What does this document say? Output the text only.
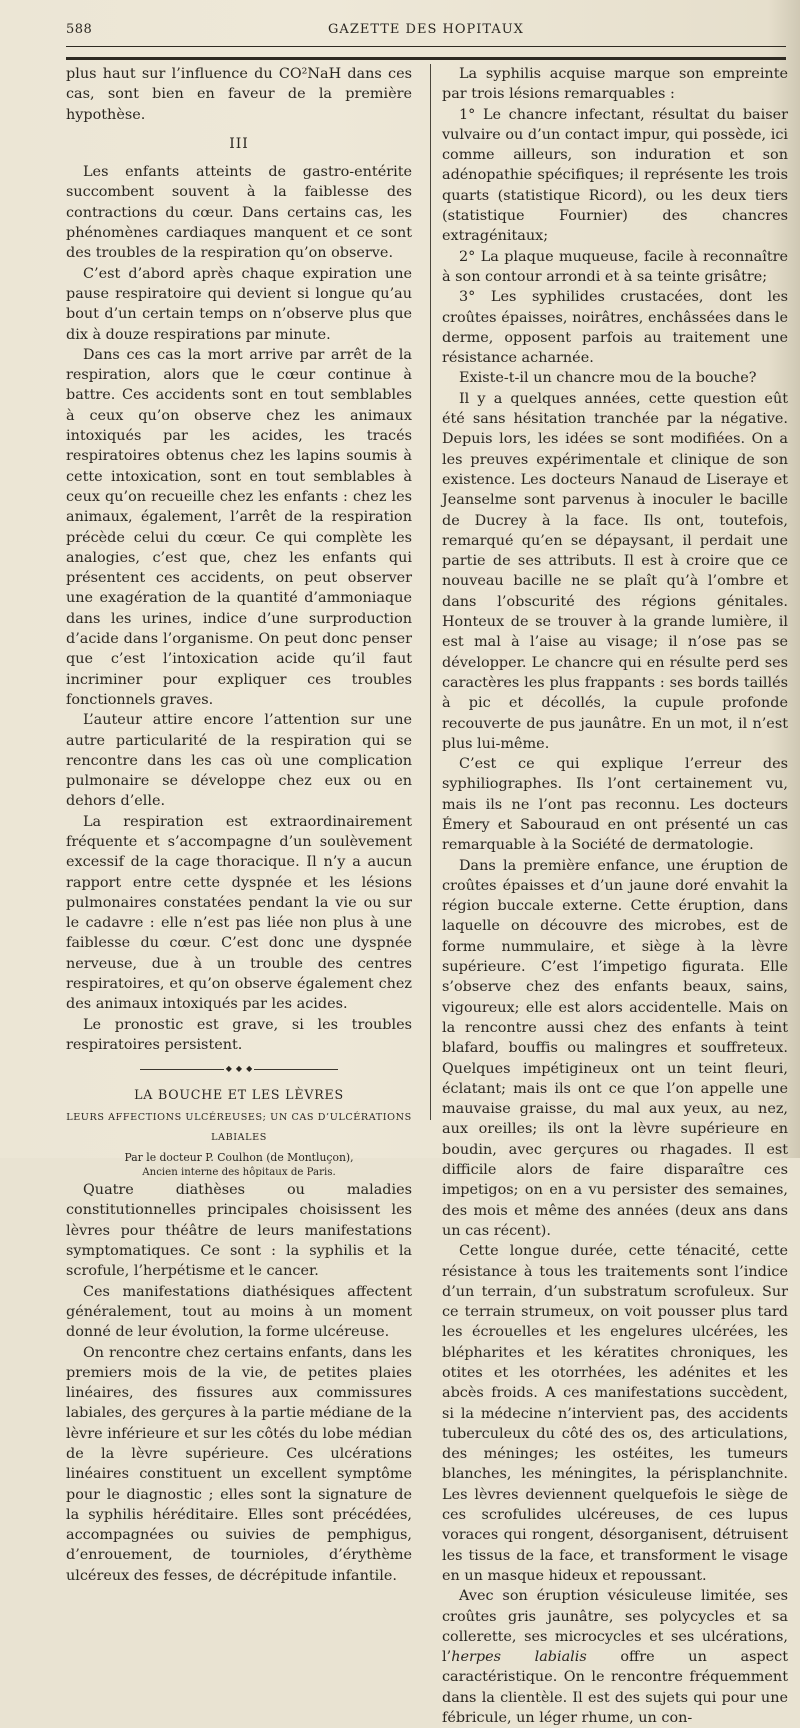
588	GAZETTE DES HOPITAUX

plus haut sur l’influence du CO²NaH dans ces cas, sont bien en faveur de la première hypothèse.

III

Les enfants atteints de gastro-entérite succombent souvent à la faiblesse des contractions du cœur. Dans certains cas, les phénomènes cardiaques manquent et ce sont des troubles de la respiration qu’on observe.

C’est d’abord après chaque expiration une pause respiratoire qui devient si longue qu’au bout d’un certain temps on n’observe plus que dix à douze respirations par minute.

Dans ces cas la mort arrive par arrêt de la respiration, alors que le cœur continue à battre. Ces accidents sont en tout semblables à ceux qu’on observe chez les animaux intoxiqués par les acides, les tracés respiratoires obtenus chez les lapins soumis à cette intoxication, sont en tout semblables à ceux qu’on recueille chez les enfants : chez les animaux, également, l’arrêt de la respiration précède celui du cœur. Ce qui complète les analogies, c’est que, chez les enfants qui présentent ces accidents, on peut observer une exagération de la quantité d’ammoniaque dans les urines, indice d’une surproduction d’acide dans l’organisme. On peut donc penser que c’est l’intoxication acide qu’il faut incriminer pour expliquer ces troubles fonctionnels graves.

L’auteur attire encore l’attention sur une autre particularité de la respiration qui se rencontre dans les cas où une complication pulmonaire se développe chez eux ou en dehors d’elle.

La respiration est extraordinairement fréquente et s’accompagne d’un soulèvement excessif de la cage thoracique. Il n’y a aucun rapport entre cette dyspnée et les lésions pulmonaires constatées pendant la vie ou sur le cadavre : elle n’est pas liée non plus à une faiblesse du cœur. C’est donc une dyspnée nerveuse, due à un trouble des centres respiratoires, et qu’on observe également chez des animaux intoxiqués par les acides.

Le pronostic est grave, si les troubles respiratoires persistent.

◆ ◆ ◆
LA BOUCHE ET LES LÈVRES
LEURS AFFECTIONS ULCÉREUSES; UN CAS D’ULCÉRATIONS LABIALES

Par le docteur P. Coulhon (de Montluçon),

Ancien interne des hôpitaux de Paris.

Quatre diathèses ou maladies constitutionnelles principales choisissent les lèvres pour théâtre de leurs manifestations symptomatiques. Ce sont : la syphilis et la scrofule, l’herpétisme et le cancer.

Ces manifestations diathésiques affectent généralement, tout au moins à un moment donné de leur évolution, la forme ulcéreuse.

On rencontre chez certains enfants, dans les premiers mois de la vie, de petites plaies linéaires, des fissures aux commissures labiales, des gerçures à la partie médiane de la lèvre inférieure et sur les côtés du lobe médian de la lèvre supérieure. Ces ulcérations linéaires constituent un excellent symptôme pour le diagnostic ; elles sont la signature de la syphilis héréditaire. Elles sont précédées, accompagnées ou suivies de pemphigus, d’enrouement, de tournioles, d’érythème ulcéreux des fesses, de décrépitude infantile.

La syphilis acquise marque son empreinte par trois lésions remarquables :

1° Le chancre infectant, résultat du baiser vulvaire ou d’un contact impur, qui possède, ici comme ailleurs, son induration et son adénopathie spécifiques; il représente les trois quarts (statistique Ricord), ou les deux tiers (statistique Fournier) des chancres extragénitaux;

2° La plaque muqueuse, facile à reconnaître à son contour arrondi et à sa teinte grisâtre;

3° Les syphilides crustacées, dont les croûtes épaisses, noirâtres, enchâssées dans le derme, opposent parfois au traitement une résistance acharnée.

Existe-t-il un chancre mou de la bouche?

Il y a quelques années, cette question eût été sans hésitation tranchée par la négative. Depuis lors, les idées se sont modifiées. On a les preuves expérimentale et clinique de son existence. Les docteurs Nanaud de Liseraye et Jeanselme sont parvenus à inoculer le bacille de Ducrey à la face. Ils ont, toutefois, remarqué qu’en se dépaysant, il perdait une partie de ses attributs. Il est à croire que ce nouveau bacille ne se plaît qu’à l’ombre et dans l’obscurité des régions génitales. Honteux de se trouver à la grande lumière, il est mal à l’aise au visage; il n’ose pas se développer. Le chancre qui en résulte perd ses caractères les plus frappants : ses bords taillés à pic et décollés, la cupule profonde recouverte de pus jaunâtre. En un mot, il n’est plus lui-même.

C’est ce qui explique l’erreur des syphiliographes. Ils l’ont certainement vu, mais ils ne l’ont pas reconnu. Les docteurs Émery et Sabouraud en ont présenté un cas remarquable à la Société de dermatologie.

Dans la première enfance, une éruption de croûtes épaisses et d’un jaune doré envahit la région buccale externe. Cette éruption, dans laquelle on découvre des microbes, est de forme nummulaire, et siège à la lèvre supérieure. C’est l’impetigo figurata. Elle s’observe chez des enfants beaux, sains, vigoureux; elle est alors accidentelle. Mais on la rencontre aussi chez des enfants à teint blafard, bouffis ou malingres et souffreteux. Quelques impétigineux ont un teint fleuri, éclatant; mais ils ont ce que l’on appelle une mauvaise graisse, du mal aux yeux, au nez, aux oreilles; ils ont la lèvre supérieure en boudin, avec gerçures ou rhagades. Il est difficile alors de faire disparaître ces impetigos; on en a vu persister des semaines, des mois et même des années (deux ans dans un cas récent).

Cette longue durée, cette ténacité, cette résistance à tous les traitements sont l’indice d’un terrain, d’un substratum scrofuleux. Sur ce terrain strumeux, on voit pousser plus tard les écrouelles et les engelures ulcérées, les blépharites et les kératites chroniques, les otites et les otorrhées, les adénites et les abcès froids. A ces manifestations succèdent, si la médecine n’intervient pas, des accidents tuberculeux du côté des os, des articulations, des méninges; les ostéites, les tumeurs blanches, les méningites, la périsplanchnite. Les lèvres deviennent quelquefois le siège de ces scrofulides ulcéreuses, de ces lupus voraces qui rongent, désorganisent, détruisent les tissus de la face, et transforment le visage en un masque hideux et repoussant.

Avec son éruption vésiculeuse limitée, ses croûtes gris jaunâtre, ses polycycles et sa collerette, ses microcycles et ses ulcérations, l’herpes labialis offre un aspect caractéristique. On le rencontre fréquemment dans la clientèle. Il est des sujets qui pour une fébricule, un léger rhume, un con-
